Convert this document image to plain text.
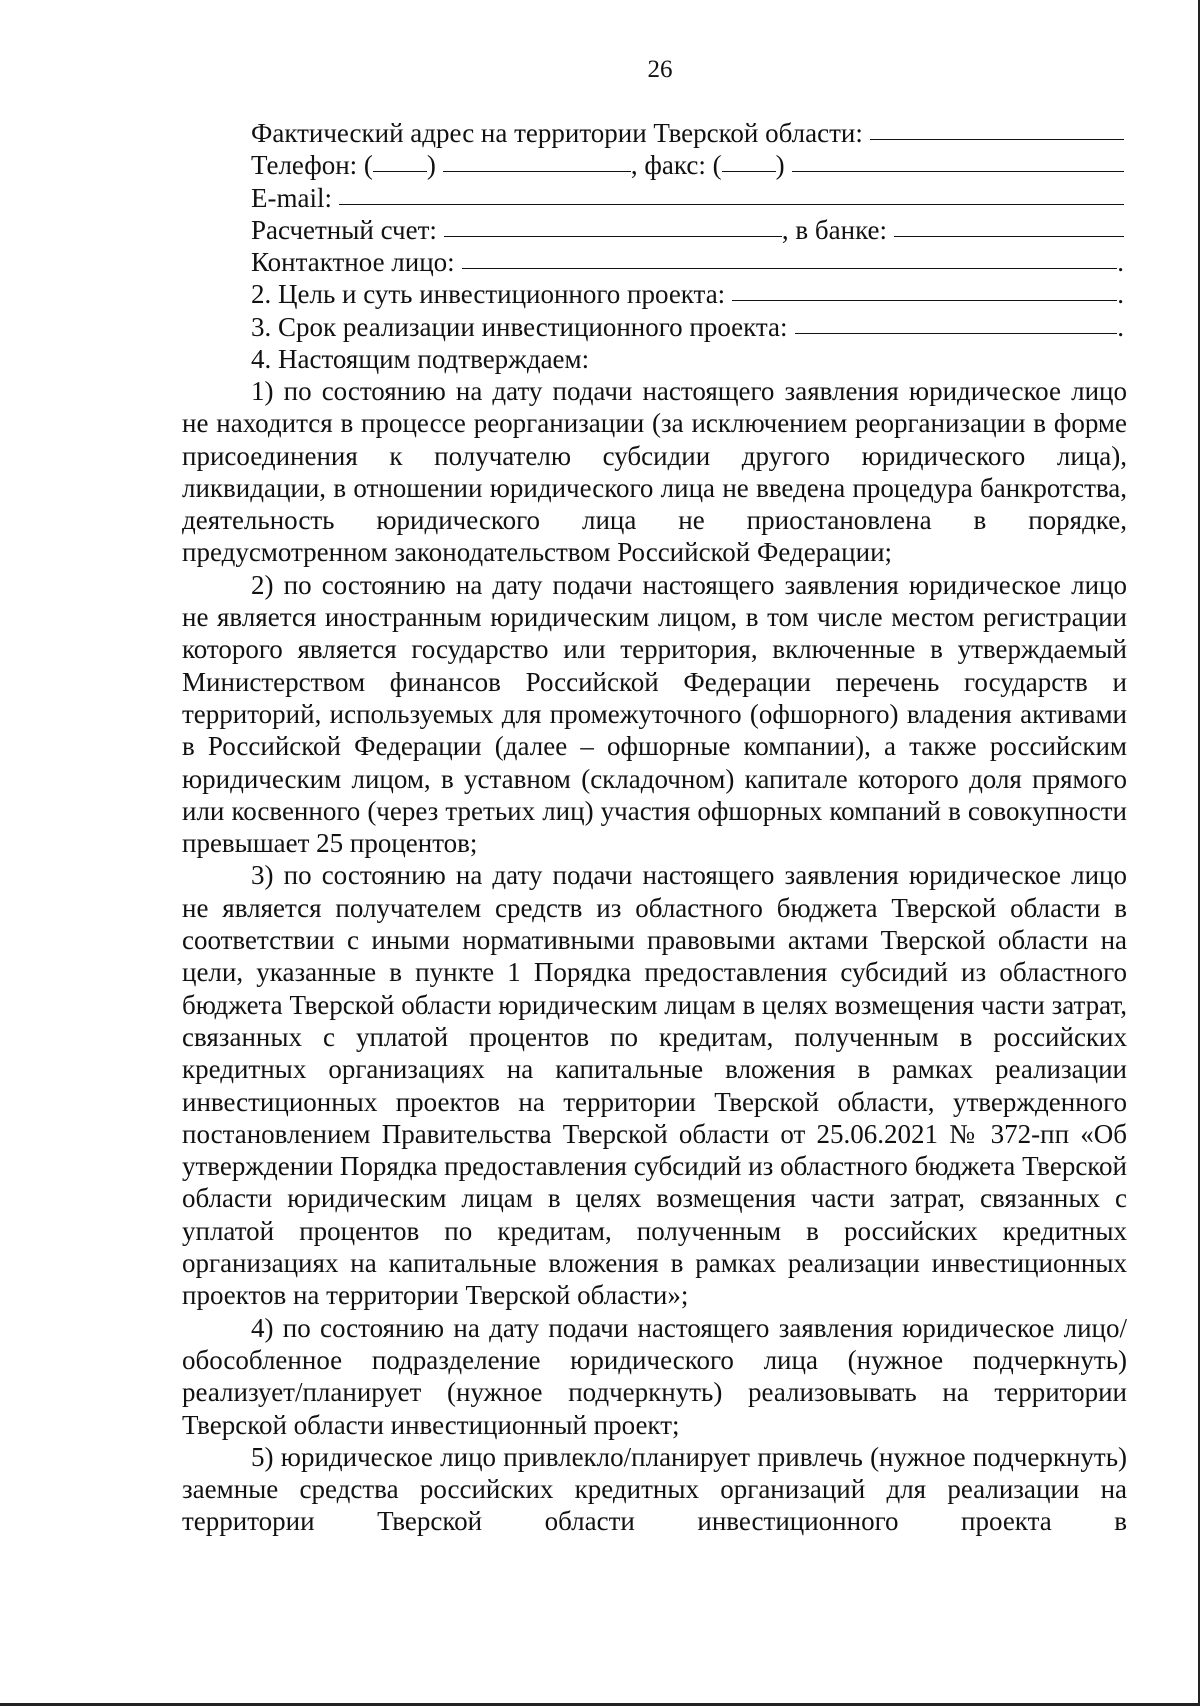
26
Фактический адрес на территории Тверской области:
Телефон: ( )	, факс: ( )
E-mail:
Расчетный счет:	, в банке:
Контактное лицо:	.
2. Цель и суть инвестиционного проекта:	.
3. Срок реализации инвестиционного проекта:	.
4. Настоящим подтверждаем:

1) по состоянию на дату подачи настоящего заявления юридическое лицо не находится в процессе реорганизации (за исключением реорганизации в форме присоединения к получателю субсидии другого юридического лица), ликвидации, в отношении юридического лица не введена процедура банкротства, деятельность юридического лица не приостановлена в порядке, предусмотренном законодательством Российской Федерации;

2) по состоянию на дату подачи настоящего заявления юридическое лицо не является иностранным юридическим лицом, в том числе местом регистрации которого является государство или территория, включенные в утверждаемый Министерством финансов Российской Федерации перечень государств и территорий, используемых для промежуточного (офшорного) владения активами в Российской Федерации (далее – офшорные компании), а также российским юридическим лицом, в уставном (складочном) капитале которого доля прямого или косвенного (через третьих лиц) участия офшорных компаний в совокупности превышает 25 процентов;

3) по состоянию на дату подачи настоящего заявления юридическое лицо не является получателем средств из областного бюджета Тверской области в соответствии с иными нормативными правовыми актами Тверской области на цели, указанные в пункте 1 Порядка предоставления субсидий из областного бюджета Тверской области юридическим лицам в целях возмещения части затрат, связанных с уплатой процентов по кредитам, полученным в российских кредитных организациях на капитальные вложения в рамках реализации инвестиционных проектов на территории Тверской области, утвержденного постановлением Правительства Тверской области от 25.06.2021 № 372-пп «Об утверждении Порядка предоставления субсидий из областного бюджета Тверской области юридическим лицам в целях возмещения части затрат, связанных с уплатой процентов по кредитам, полученным в российских кредитных организациях на капитальные вложения в рамках реализации инвестиционных проектов на территории Тверской области»;

4) по состоянию на дату подачи настоящего заявления юридическое лицо/обособленное подразделение юридического лица (нужное подчеркнуть) реализует/планирует (нужное подчеркнуть) реализовывать на территории Тверской области инвестиционный проект;

5) юридическое лицо привлекло/планирует привлечь (нужное подчеркнуть) заемные средства российских кредитных организаций для реализации на территории Тверской области инвестиционного проекта в
